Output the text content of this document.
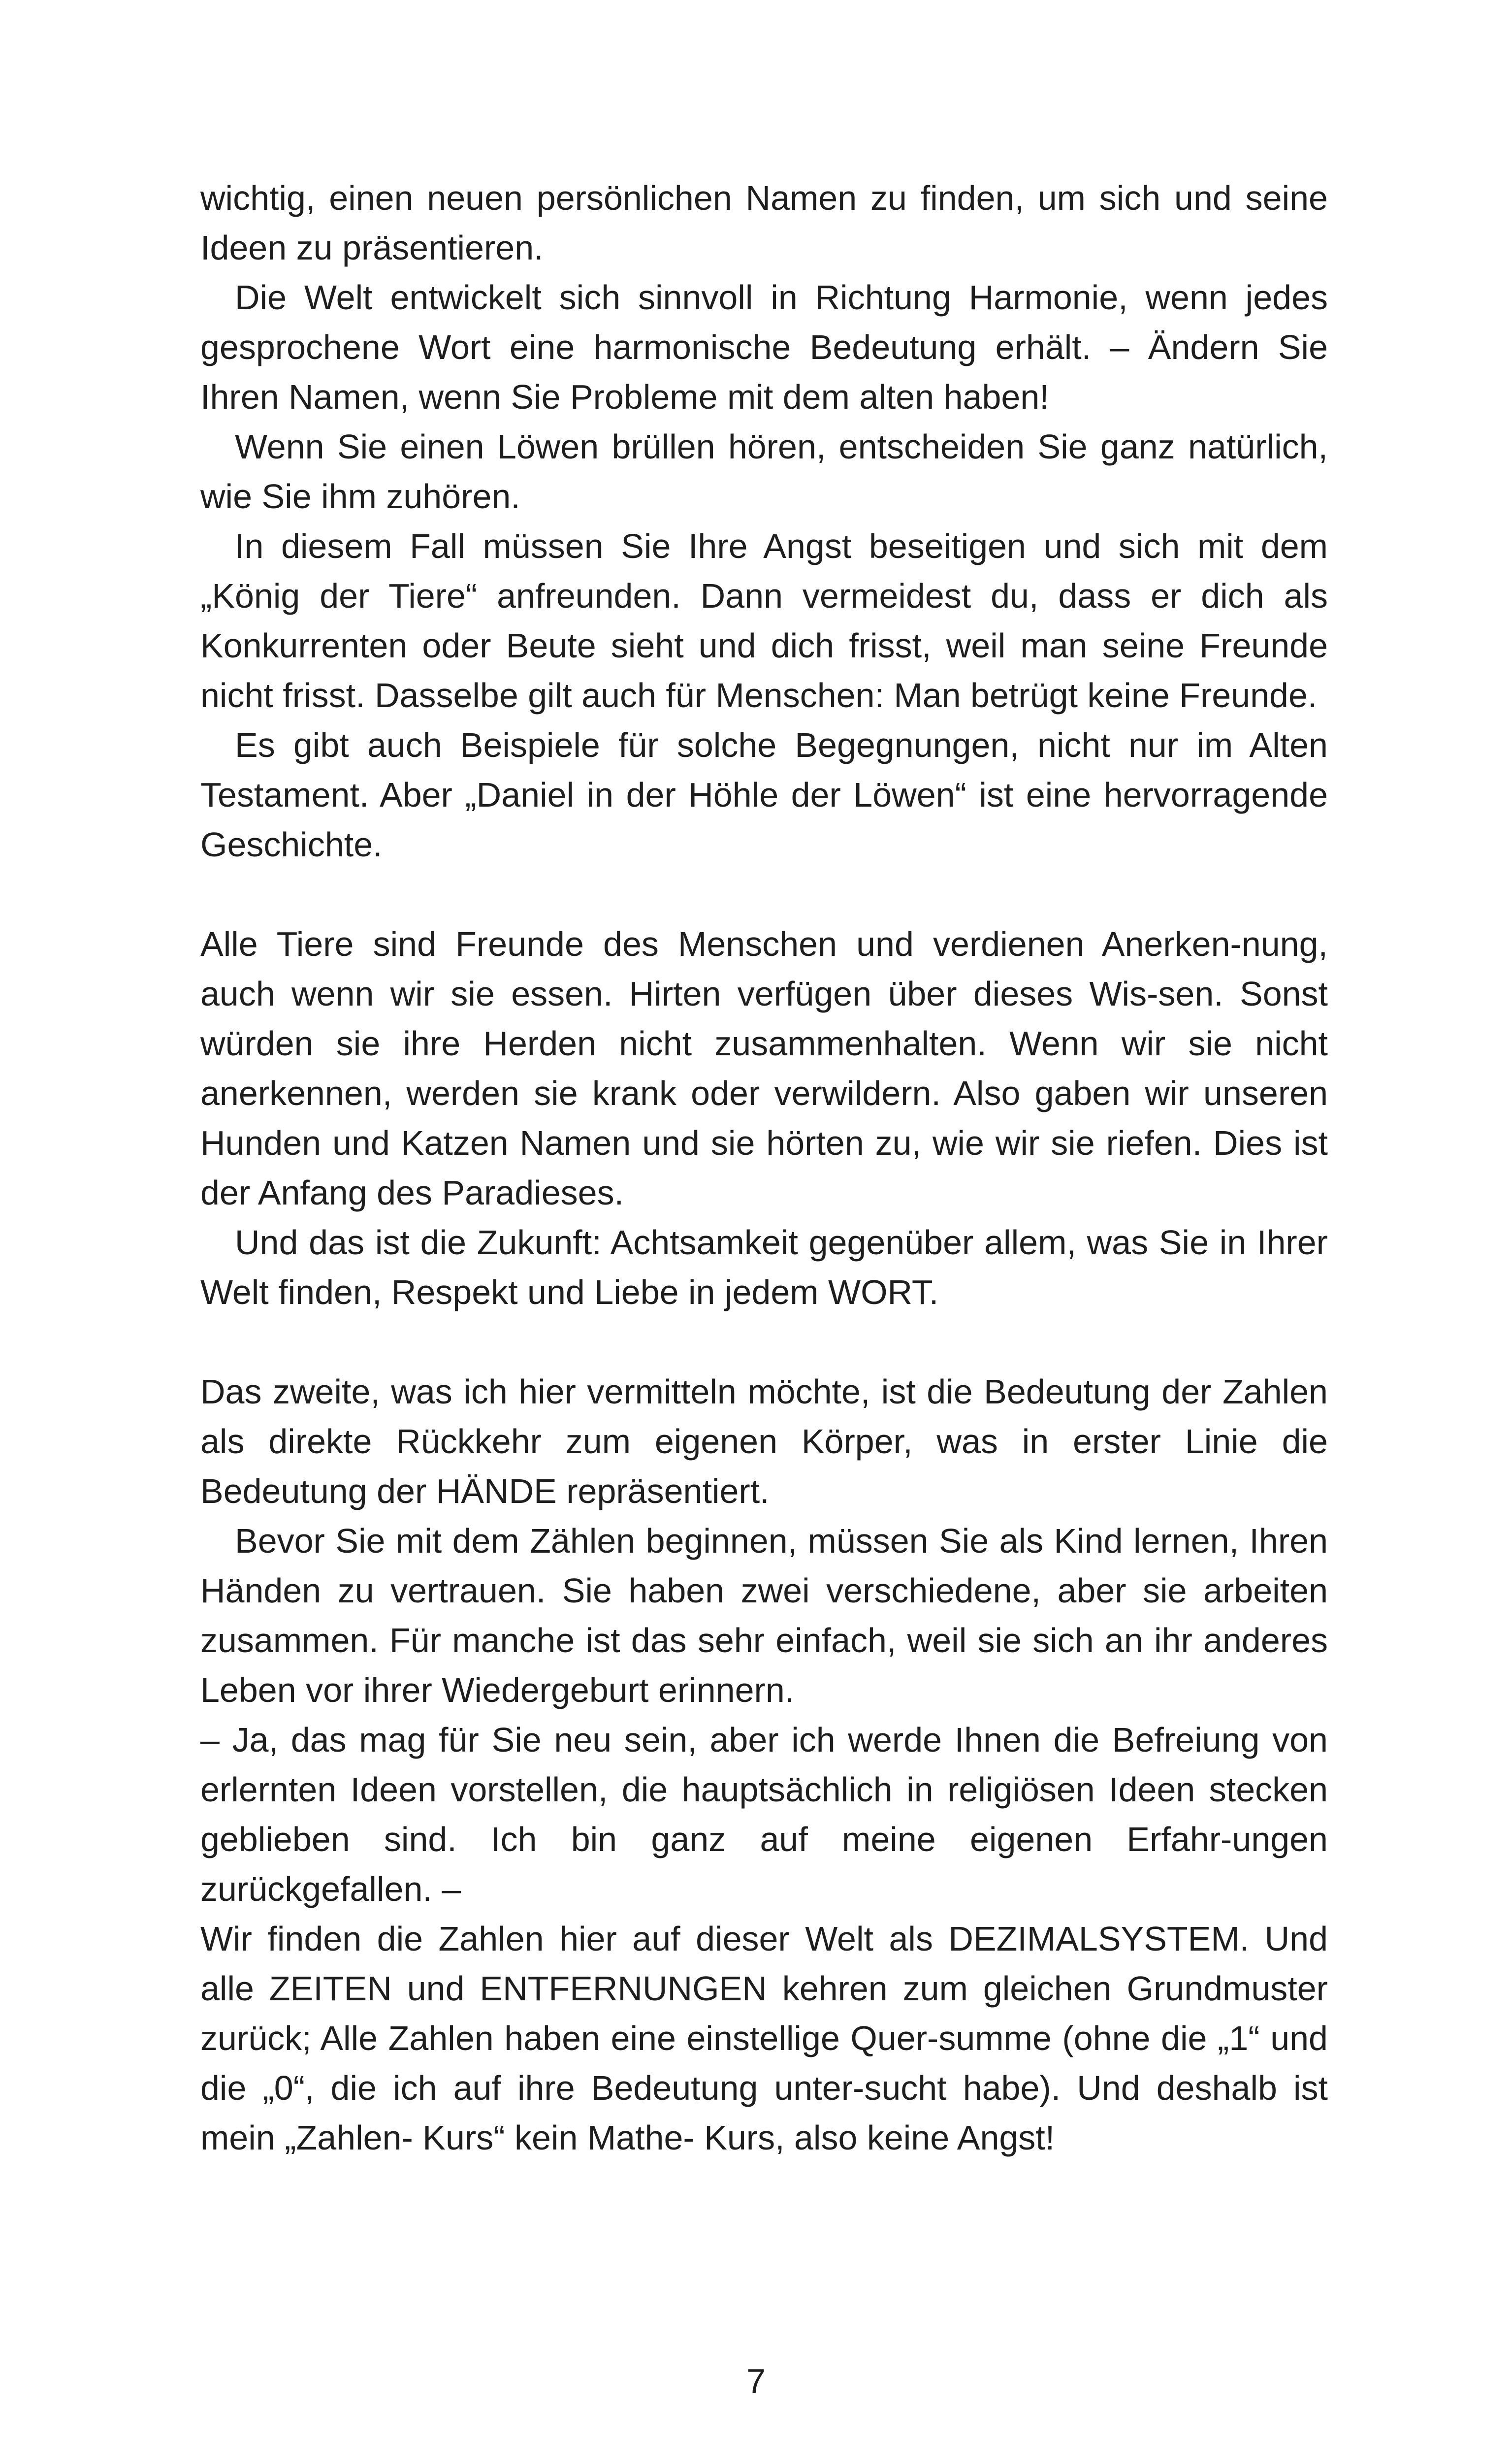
wichtig, einen neuen persönlichen Namen zu finden, um sich und seine Ideen zu präsentieren.

Die Welt entwickelt sich sinnvoll in Richtung Harmonie, wenn jedes gesprochene Wort eine harmonische Bedeutung erhält. – Ändern Sie Ihren Namen, wenn Sie Probleme mit dem alten haben!

Wenn Sie einen Löwen brüllen hören, entscheiden Sie ganz natürlich, wie Sie ihm zuhören.

In diesem Fall müssen Sie Ihre Angst beseitigen und sich mit dem „König der Tiere“ anfreunden. Dann vermeidest du, dass er dich als Konkurrenten oder Beute sieht und dich frisst, weil man seine Freunde nicht frisst. Dasselbe gilt auch für Menschen: Man betrügt keine Freunde.

Es gibt auch Beispiele für solche Begegnungen, nicht nur im Alten Testament. Aber „Daniel in der Höhle der Löwen“ ist eine hervorragende Geschichte.

Alle Tiere sind Freunde des Menschen und verdienen Anerken-nung, auch wenn wir sie essen. Hirten verfügen über dieses Wis-sen. Sonst würden sie ihre Herden nicht zusammenhalten. Wenn wir sie nicht anerkennen, werden sie krank oder verwildern. Also gaben wir unseren Hunden und Katzen Namen und sie hörten zu, wie wir sie riefen. Dies ist der Anfang des Paradieses.

Und das ist die Zukunft: Achtsamkeit gegenüber allem, was Sie in Ihrer Welt finden, Respekt und Liebe in jedem WORT.

Das zweite, was ich hier vermitteln möchte, ist die Bedeutung der Zahlen als direkte Rückkehr zum eigenen Körper, was in erster Linie die Bedeutung der HÄNDE repräsentiert.

Bevor Sie mit dem Zählen beginnen, müssen Sie als Kind lernen, Ihren Händen zu vertrauen. Sie haben zwei verschiedene, aber sie arbeiten zusammen. Für manche ist das sehr einfach, weil sie sich an ihr anderes Leben vor ihrer Wiedergeburt erinnern.

– Ja, das mag für Sie neu sein, aber ich werde Ihnen die Befreiung von erlernten Ideen vorstellen, die hauptsächlich in religiösen Ideen stecken geblieben sind. Ich bin ganz auf meine eigenen Erfahr-ungen zurückgefallen. –

Wir finden die Zahlen hier auf dieser Welt als DEZIMALSYSTEM. Und alle ZEITEN und ENTFERNUNGEN kehren zum gleichen Grundmuster zurück; Alle Zahlen haben eine einstellige Quer-summe (ohne die „1“ und die „0“, die ich auf ihre Bedeutung unter-sucht habe). Und deshalb ist mein „Zahlen- Kurs“ kein Mathe- Kurs, also keine Angst!

7
